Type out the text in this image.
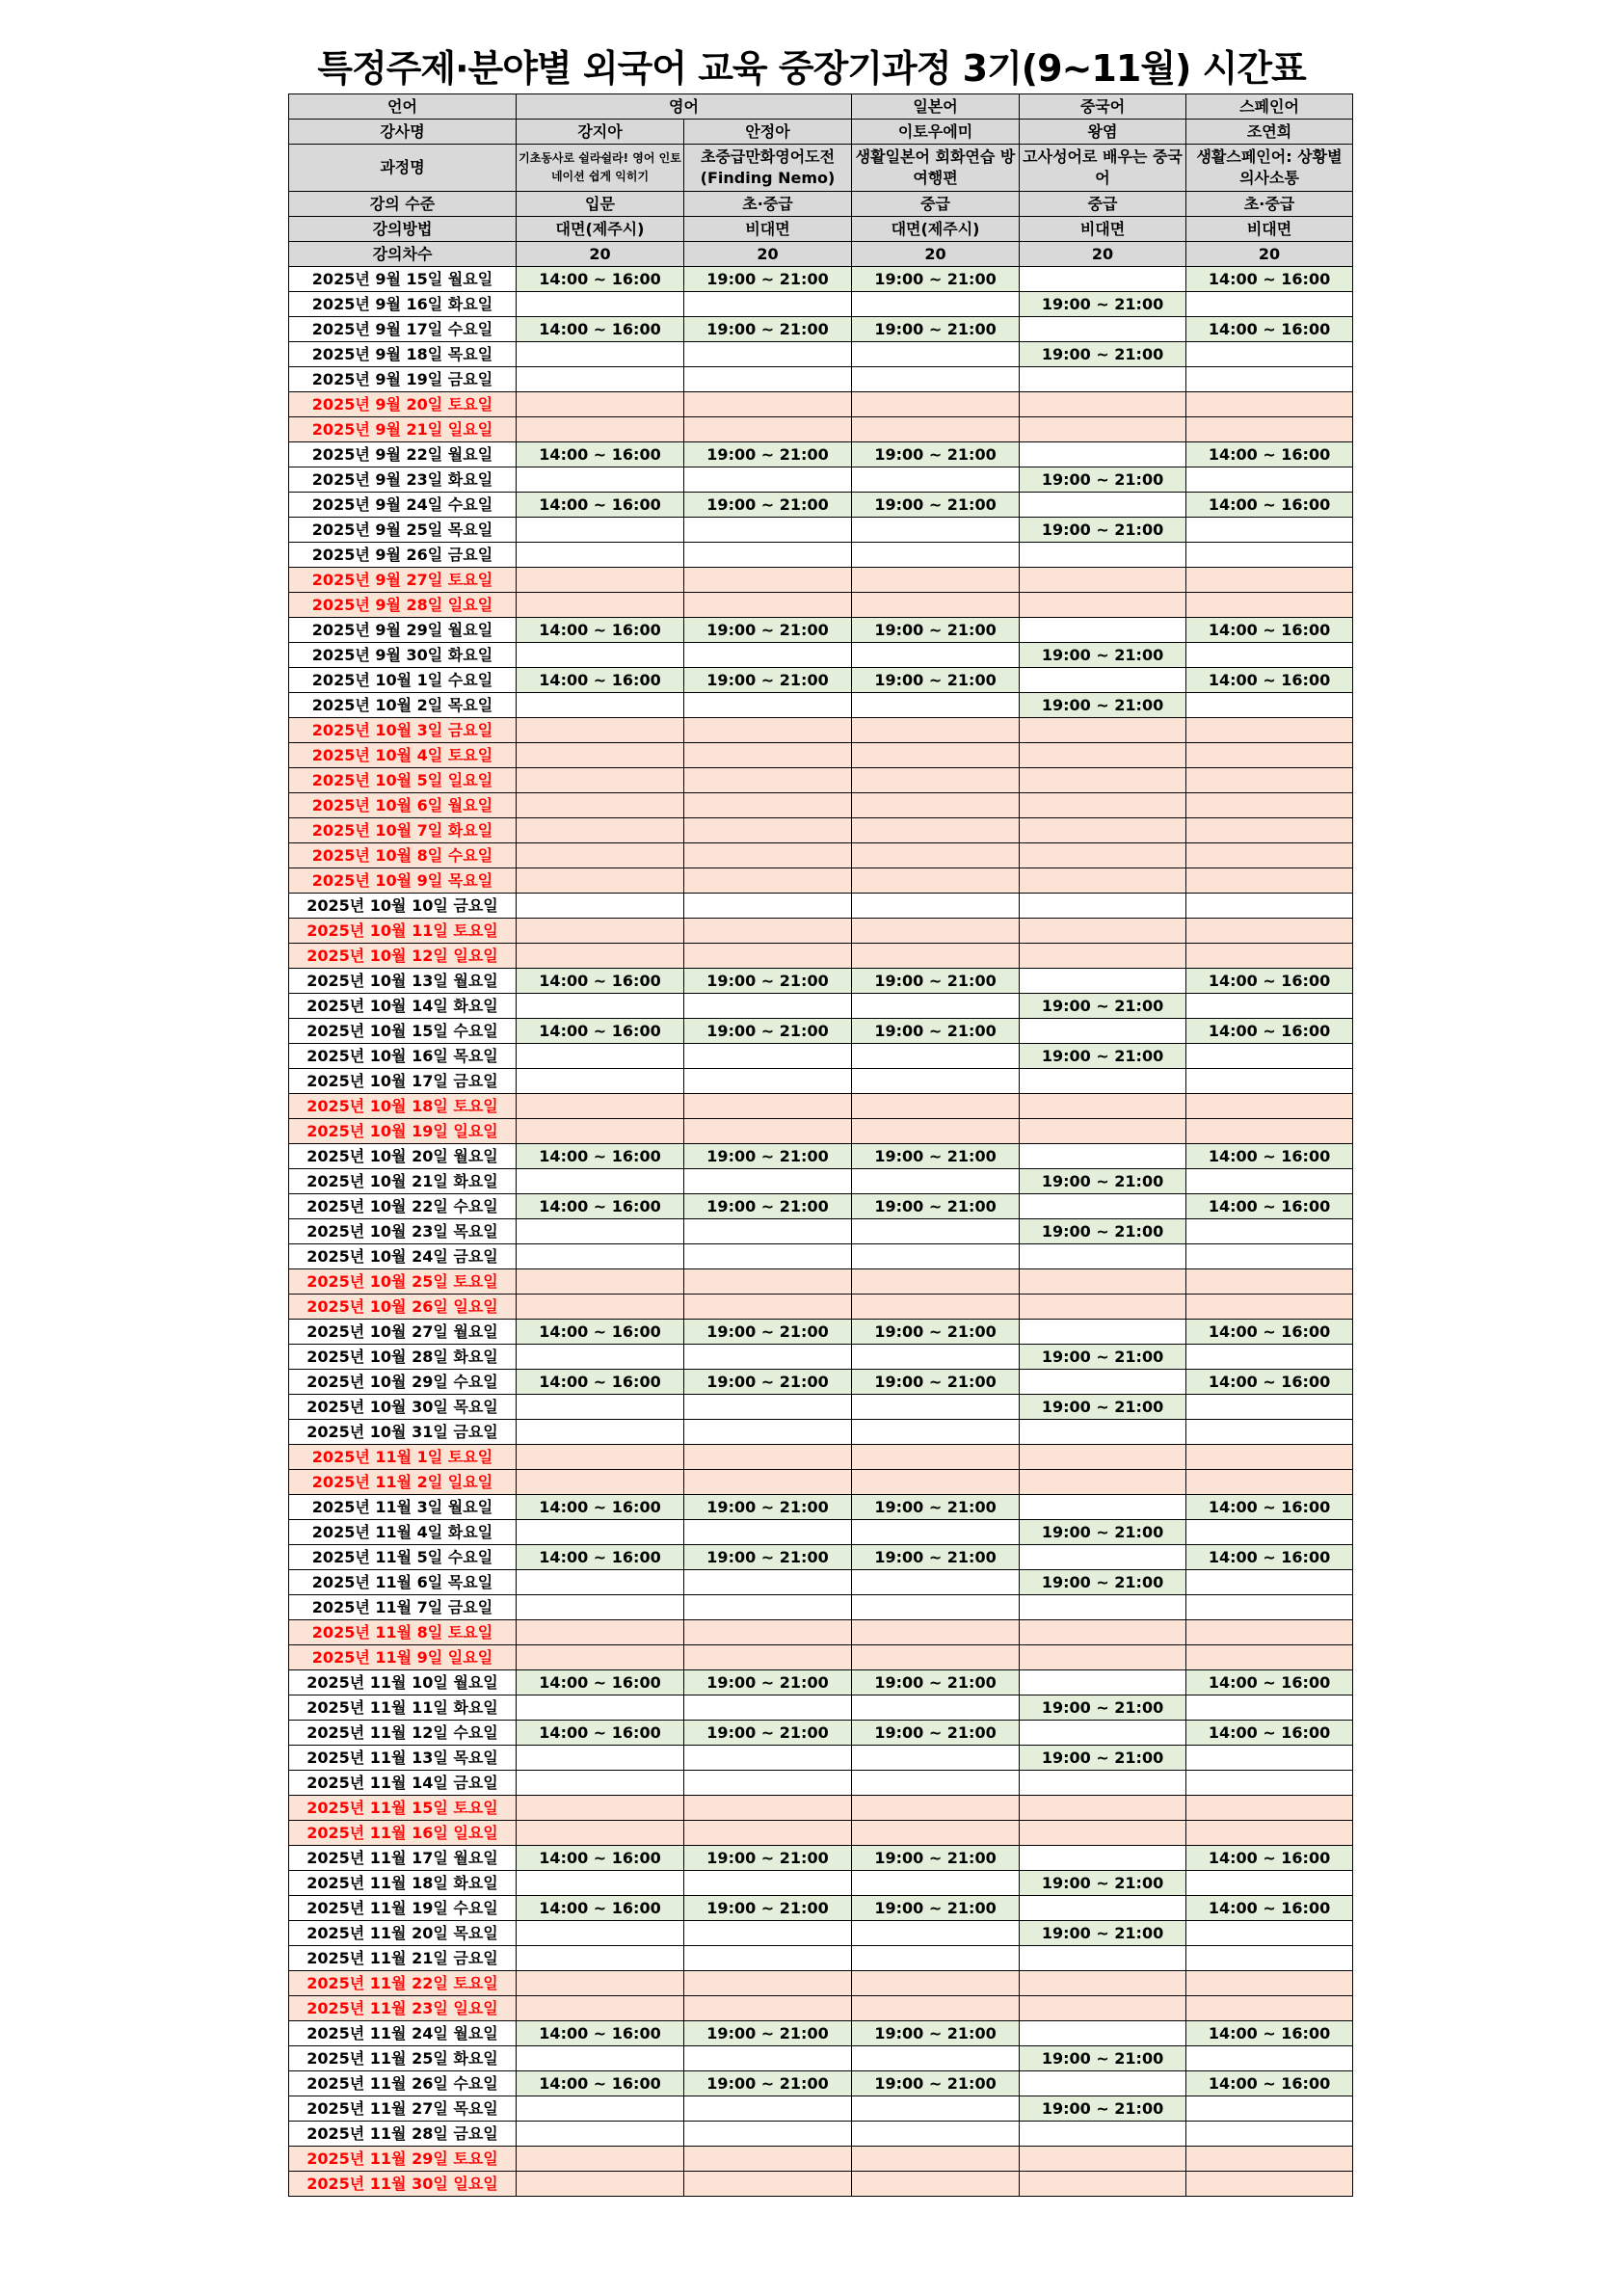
특정주제·분야별 외국어 교육 중장기과정 3기(9~11월) 시간표
언어	영어		일본어	중국어	스페인어
강사명	강지아	안정아	이토우에미	왕염	조연희
과정명	기초동사로 쉴라쉴라! 영어 인토네이션 쉽게 익히기	초중급만화영어도전 (Finding Nemo)	생활일본어 회화연습 방 여행편	고사성어로 배우는 중국어	생활스페인어: 상황별 의사소통
강의 수준	입문	초·중급	중급	중급	초·중급
강의방법	대면(제주시)	비대면	대면(제주시)	비대면	비대면
강의차수	20	20	20	20	20
2025년 9월 15일 월요일	14:00 ~ 16:00	19:00 ~ 21:00	19:00 ~ 21:00		14:00 ~ 16:00
2025년 9월 16일 화요일				19:00 ~ 21:00	
2025년 9월 17일 수요일	14:00 ~ 16:00	19:00 ~ 21:00	19:00 ~ 21:00		14:00 ~ 16:00
2025년 9월 18일 목요일				19:00 ~ 21:00	
2025년 9월 19일 금요일					
2025년 9월 20일 토요일					
2025년 9월 21일 일요일					
2025년 9월 22일 월요일	14:00 ~ 16:00	19:00 ~ 21:00	19:00 ~ 21:00		14:00 ~ 16:00
2025년 9월 23일 화요일				19:00 ~ 21:00	
2025년 9월 24일 수요일	14:00 ~ 16:00	19:00 ~ 21:00	19:00 ~ 21:00		14:00 ~ 16:00
2025년 9월 25일 목요일				19:00 ~ 21:00	
2025년 9월 26일 금요일					
2025년 9월 27일 토요일					
2025년 9월 28일 일요일					
2025년 9월 29일 월요일	14:00 ~ 16:00	19:00 ~ 21:00	19:00 ~ 21:00		14:00 ~ 16:00
2025년 9월 30일 화요일				19:00 ~ 21:00	
2025년 10월 1일 수요일	14:00 ~ 16:00	19:00 ~ 21:00	19:00 ~ 21:00		14:00 ~ 16:00
2025년 10월 2일 목요일				19:00 ~ 21:00	
2025년 10월 3일 금요일					
2025년 10월 4일 토요일					
2025년 10월 5일 일요일					
2025년 10월 6일 월요일					
2025년 10월 7일 화요일					
2025년 10월 8일 수요일					
2025년 10월 9일 목요일					
2025년 10월 10일 금요일					
2025년 10월 11일 토요일					
2025년 10월 12일 일요일					
2025년 10월 13일 월요일	14:00 ~ 16:00	19:00 ~ 21:00	19:00 ~ 21:00		14:00 ~ 16:00
2025년 10월 14일 화요일				19:00 ~ 21:00	
2025년 10월 15일 수요일	14:00 ~ 16:00	19:00 ~ 21:00	19:00 ~ 21:00		14:00 ~ 16:00
2025년 10월 16일 목요일				19:00 ~ 21:00	
2025년 10월 17일 금요일					
2025년 10월 18일 토요일					
2025년 10월 19일 일요일					
2025년 10월 20일 월요일	14:00 ~ 16:00	19:00 ~ 21:00	19:00 ~ 21:00		14:00 ~ 16:00
2025년 10월 21일 화요일				19:00 ~ 21:00	
2025년 10월 22일 수요일	14:00 ~ 16:00	19:00 ~ 21:00	19:00 ~ 21:00		14:00 ~ 16:00
2025년 10월 23일 목요일				19:00 ~ 21:00	
2025년 10월 24일 금요일					
2025년 10월 25일 토요일					
2025년 10월 26일 일요일					
2025년 10월 27일 월요일	14:00 ~ 16:00	19:00 ~ 21:00	19:00 ~ 21:00		14:00 ~ 16:00
2025년 10월 28일 화요일				19:00 ~ 21:00	
2025년 10월 29일 수요일	14:00 ~ 16:00	19:00 ~ 21:00	19:00 ~ 21:00		14:00 ~ 16:00
2025년 10월 30일 목요일				19:00 ~ 21:00	
2025년 10월 31일 금요일					
2025년 11월 1일 토요일					
2025년 11월 2일 일요일					
2025년 11월 3일 월요일	14:00 ~ 16:00	19:00 ~ 21:00	19:00 ~ 21:00		14:00 ~ 16:00
2025년 11월 4일 화요일				19:00 ~ 21:00	
2025년 11월 5일 수요일	14:00 ~ 16:00	19:00 ~ 21:00	19:00 ~ 21:00		14:00 ~ 16:00
2025년 11월 6일 목요일				19:00 ~ 21:00	
2025년 11월 7일 금요일					
2025년 11월 8일 토요일					
2025년 11월 9일 일요일					
2025년 11월 10일 월요일	14:00 ~ 16:00	19:00 ~ 21:00	19:00 ~ 21:00		14:00 ~ 16:00
2025년 11월 11일 화요일				19:00 ~ 21:00	
2025년 11월 12일 수요일	14:00 ~ 16:00	19:00 ~ 21:00	19:00 ~ 21:00		14:00 ~ 16:00
2025년 11월 13일 목요일				19:00 ~ 21:00	
2025년 11월 14일 금요일					
2025년 11월 15일 토요일					
2025년 11월 16일 일요일					
2025년 11월 17일 월요일	14:00 ~ 16:00	19:00 ~ 21:00	19:00 ~ 21:00		14:00 ~ 16:00
2025년 11월 18일 화요일				19:00 ~ 21:00	
2025년 11월 19일 수요일	14:00 ~ 16:00	19:00 ~ 21:00	19:00 ~ 21:00		14:00 ~ 16:00
2025년 11월 20일 목요일				19:00 ~ 21:00	
2025년 11월 21일 금요일					
2025년 11월 22일 토요일					
2025년 11월 23일 일요일					
2025년 11월 24일 월요일	14:00 ~ 16:00	19:00 ~ 21:00	19:00 ~ 21:00		14:00 ~ 16:00
2025년 11월 25일 화요일				19:00 ~ 21:00	
2025년 11월 26일 수요일	14:00 ~ 16:00	19:00 ~ 21:00	19:00 ~ 21:00		14:00 ~ 16:00
2025년 11월 27일 목요일				19:00 ~ 21:00	
2025년 11월 28일 금요일					
2025년 11월 29일 토요일					
2025년 11월 30일 일요일					
